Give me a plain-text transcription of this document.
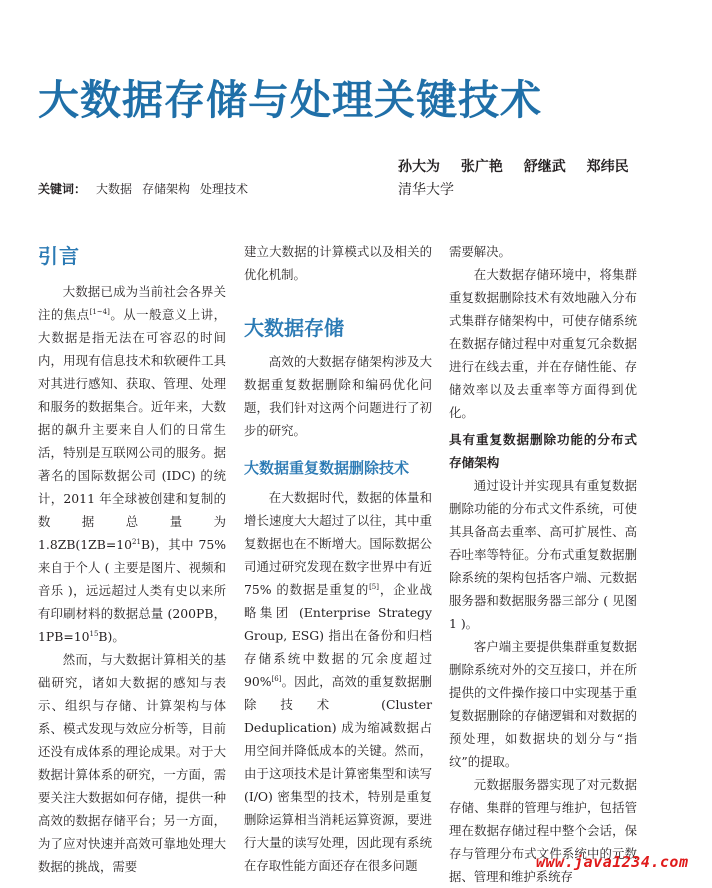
大数据存储与处理关键技术
孙大为 张广艳 舒继武 郑纬民
清华大学
关键词： 大数据 存储架构 处理技术
引言

大数据已成为当前社会各界关注的焦点[1~4]。从一般意义上讲，大数据是指无法在可容忍的时间内，用现有信息技术和软硬件工具对其进行感知、获取、管理、处理和服务的数据集合。近年来，大数据的飙升主要来自人们的日常生活，特别是互联网公司的服务。据著名的国际数据公司 (IDC) 的统计，2011 年全球被创建和复制的数据总量为 $1.8ZB(1ZB=10^{21}B)$，其中 75% 来自于个人 ( 主要是图片、视频和音乐 )，远远超过人类有史以来所有印刷材料的数据总量 (200PB，$1PB=10^{15}B$)。

然而，与大数据计算相关的基础研究，诸如大数据的感知与表示、组织与存储、计算架构与体系、模式发现与效应分析等，目前还没有成体系的理论成果。对于大数据计算体系的研究，一方面，需要关注大数据如何存储，提供一种高效的数据存储平台；另一方面，为了应对快速并高效可靠地处理大数据的挑战，需要

建立大数据的计算模式以及相关的优化机制。

大数据存储

高效的大数据存储架构涉及大数据重复数据删除和编码优化问题，我们针对这两个问题进行了初步的研究。

大数据重复数据删除技术

在大数据时代，数据的体量和增长速度大大超过了以往，其中重复数据也在不断增大。国际数据公司通过研究发现在数字世界中有近 75% 的数据是重复的[5]，企业战略集团 (Enterprise Strategy Group, ESG) 指出在备份和归档存储系统中数据的冗余度超过 90%[6]。因此，高效的重复数据删除技术 (Cluster Deduplication) 成为缩减数据占用空间并降低成本的关键。然而，由于这项技术是计算密集型和读写 (I/O) 密集型的技术，特别是重复删除运算相当消耗运算资源，要进行大量的读写处理，因此现有系统在存取性能方面还存在很多问题

需要解决。

在大数据存储环境中，将集群重复数据删除技术有效地融入分布式集群存储架构中，可使存储系统在数据存储过程中对重复冗余数据进行在线去重，并在存储性能、存储效率以及去重率等方面得到优化。

具有重复数据删除功能的分布式存储架构

通过设计并实现具有重复数据删除功能的分布式文件系统，可使其具备高去重率、高可扩展性、高吞吐率等特征。分布式重复数据删除系统的架构包括客户端、元数据服务器和数据服务器三部分 ( 见图 1 )。

客户端主要提供集群重复数据删除系统对外的交互接口，并在所提供的文件操作接口中实现基于重复数据删除的存储逻辑和对数据的预处理，如数据块的划分与“指纹”的提取。

元数据服务器实现了对元数据存储、集群的管理与维护，包括管理在数据存储过程中整个会话，保存与管理分布式文件系统中的元数据、管理和维护系统存

www.java1234.com
